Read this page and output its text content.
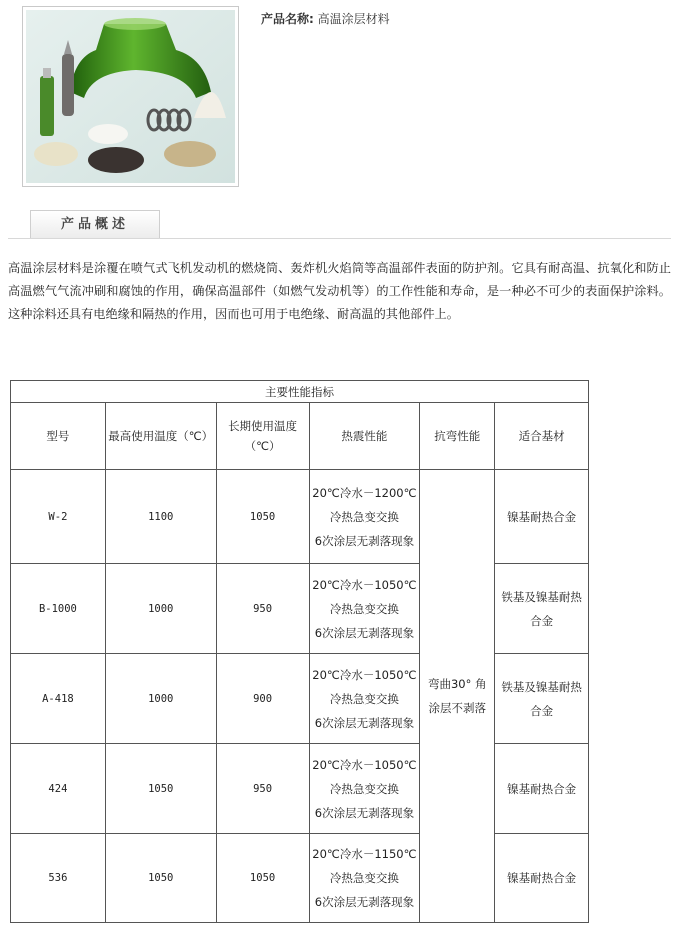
产品名称: 高温涂层材料
产品概述
高温涂层材料是涂覆在喷气式飞机发动机的燃烧筒、轰炸机火焰筒等高温部件表面的防护剂。它具有耐高温、抗氧化和防止高温燃气气流冲刷和腐蚀的作用，确保高温部件（如燃气发动机等）的工作性能和寿命，是一种必不可少的表面保护涂料。这种涂料还具有电绝缘和隔热的作用，因而也可用于电绝缘、耐高温的其他部件上。
主要性能指标					
型号	最高使用温度（℃）	长期使用温度（℃）	热震性能	抗弯性能	适合基材
W-2	1100	1050	20℃冷水－1200℃
冷热急变交换
6次涂层无剥落现象	弯曲30° 角涂层不剥落	镍基耐热合金
B-1000	1000	950	20℃冷水－1050℃
冷热急变交换
6次涂层无剥落现象		铁基及镍基耐热合金
A-418	1000	900	20℃冷水－1050℃
冷热急变交换
6次涂层无剥落现象		铁基及镍基耐热合金
424	1050	950	20℃冷水－1050℃
冷热急变交换
6次涂层无剥落现象		镍基耐热合金
536	1050	1050	20℃冷水－1150℃
冷热急变交换
6次涂层无剥落现象		镍基耐热合金
